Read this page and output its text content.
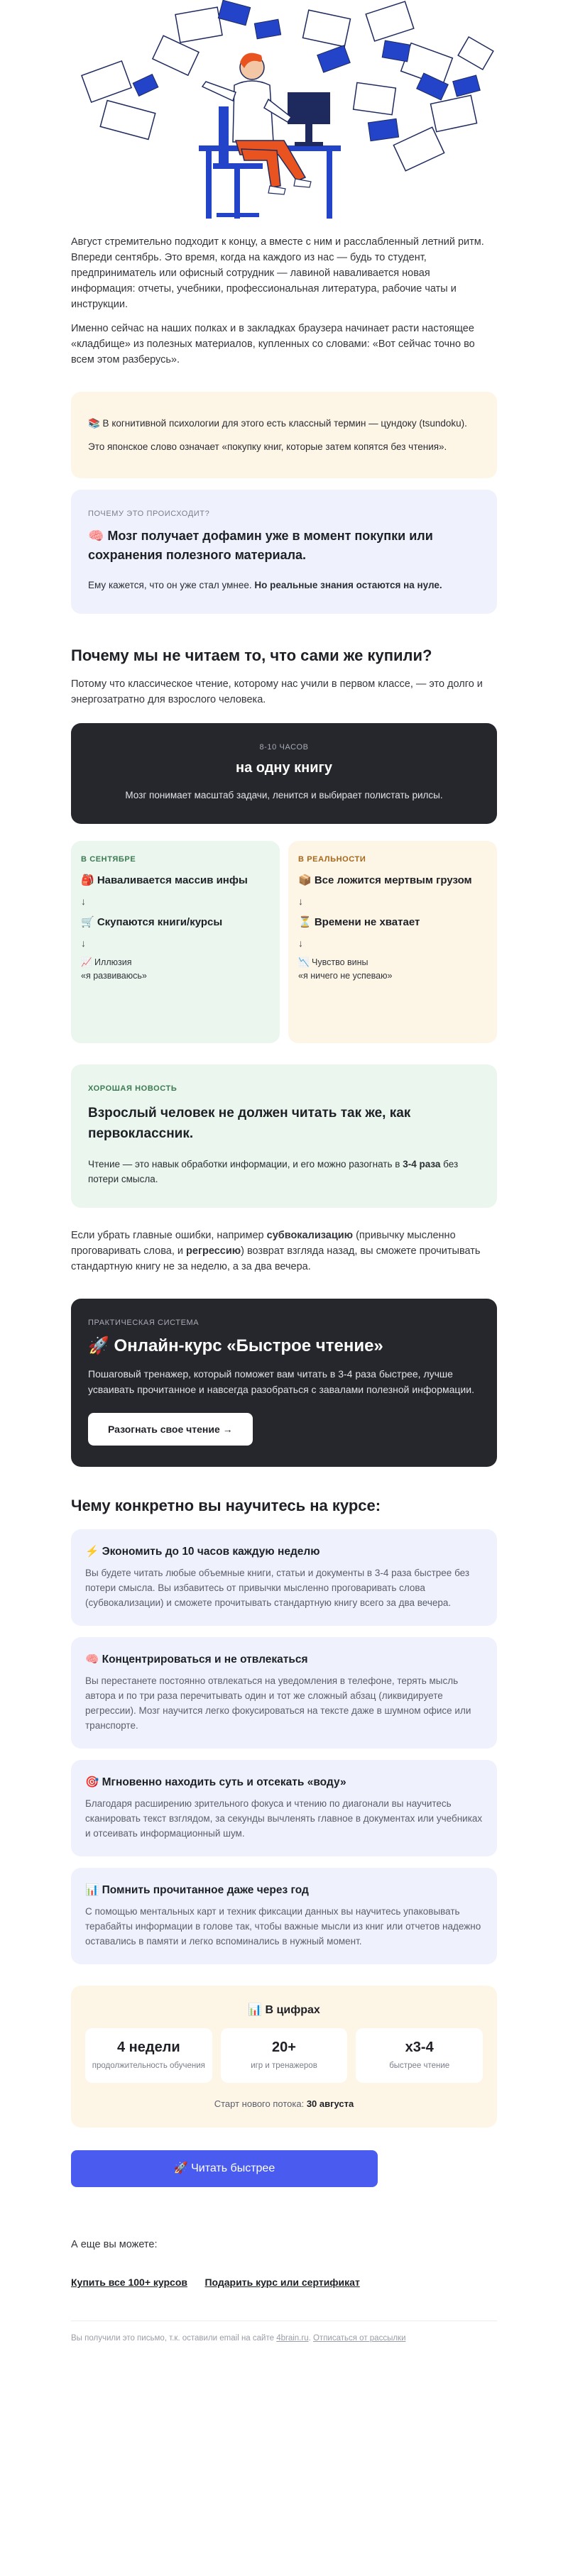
Август стремительно подходит к концу, а вместе с ним и расслабленный летний ритм. Впереди сентябрь. Это время, когда на каждого из нас — будь то студент, предприниматель или офисный сотрудник — лавиной наваливается новая информация: отчеты, учебники, профессиональная литература, рабочие чаты и инструкции.

Именно сейчас на наших полках и в закладках браузера начинает расти настоящее «кладбище» из полезных материалов, купленных со словами: «Вот сейчас точно во всем этом разберусь».

📚 В когнитивной психологии для этого есть классный термин — цундоку (tsundoku).

Это японское слово означает «покупку книг, которые затем копятся без чтения».

ПОЧЕМУ ЭТО ПРОИСХОДИТ?
🧠 Мозг получает дофамин уже в момент покупки или сохранения полезного материала.

Ему кажется, что он уже стал умнее. Но реальные знания остаются на нуле.

Почему мы не читаем то, что сами же купили?

Потому что классическое чтение, которому нас учили в первом классе, — это долго и энергозатратно для взрослого человека.

8-10 ЧАСОВ
на одну книгу

Мозг понимает масштаб задачи, ленится и выбирает полистать рилсы.

В СЕНТЯБРЕ
🎒 Наваливается массив инфы
↓
🛒 Скупаются книги/курсы
↓
📈 Иллюзия
«я развиваюсь»
В РЕАЛЬНОСТИ
📦 Все ложится мертвым грузом
↓
⏳ Времени не хватает
↓
📉 Чувство вины
«я ничего не успеваю»
ХОРОШАЯ НОВОСТЬ
Взрослый человек не должен читать так же, как первоклассник.

Чтение — это навык обработки информации, и его можно разогнать в 3-4 раза без потери смысла.

Если убрать главные ошибки, например субвокализацию (привычку мысленно проговаривать слова, и регрессию) возврат взгляда назад, вы сможете прочитывать стандартную книгу не за неделю, а за два вечера.

ПРАКТИЧЕСКАЯ СИСТЕМА
🚀 Онлайн-курс «Быстрое чтение»

Пошаговый тренажер, который поможет вам читать в 3-4 раза быстрее, лучше усваивать прочитанное и навсегда разобраться с завалами полезной информации.

Разогнать свое чтение →
Чему конкретно вы научитесь на курсе:
⚡ Экономить до 10 часов каждую неделю

Вы будете читать любые объемные книги, статьи и документы в 3-4 раза быстрее без потери смысла. Вы избавитесь от привычки мысленно проговаривать слова (субвокализации) и сможете прочитывать стандартную книгу всего за два вечера.

🧠 Концентрироваться и не отвлекаться

Вы перестанете постоянно отвлекаться на уведомления в телефоне, терять мысль автора и по три раза перечитывать один и тот же сложный абзац (ликвидируете регрессии). Мозг научится легко фокусироваться на тексте даже в шумном офисе или транспорте.

🎯 Мгновенно находить суть и отсекать «воду»

Благодаря расширению зрительного фокуса и чтению по диагонали вы научитесь сканировать текст взглядом, за секунды вычленять главное в документах или учебниках и отсеивать информационный шум.

📊 Помнить прочитанное даже через год

С помощью ментальных карт и техник фиксации данных вы научитесь упаковывать терабайты информации в голове так, чтобы важные мысли из книг или отчетов надежно оставались в памяти и легко вспоминались в нужный момент.

📊 В цифрах
4 недели
продолжительность обучения
20+
игр и тренажеров
x3-4
быстрее чтение
Старт нового потока: 30 августа
🚀 Читать быстрее

А еще вы можете:

Купить все 100+ курсов Подарить курс или сертификат

Вы получили это письмо, т.к. оставили email на сайте 4brain.ru. Отписаться от рассылки
